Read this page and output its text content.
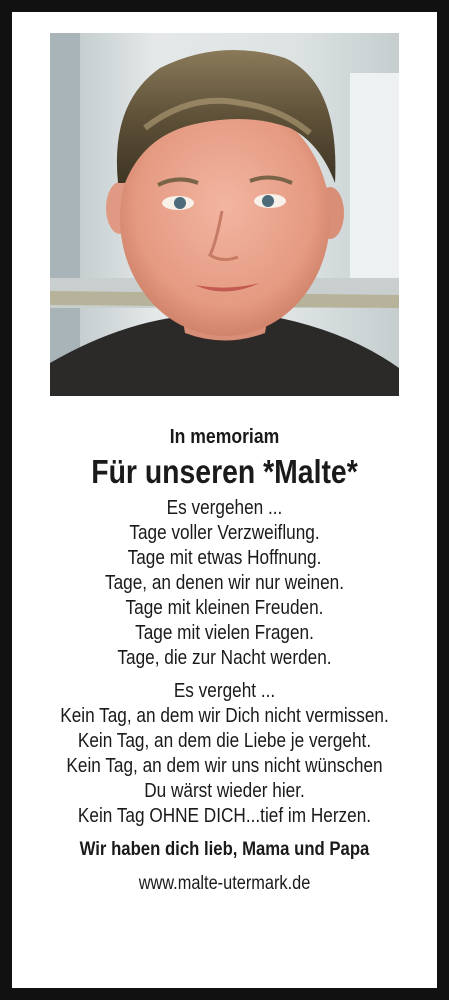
In memoriam
Für unseren *Malte*
Es vergehen ...
Tage voller Verzweiflung.
Tage mit etwas Hoffnung.
Tage, an denen wir nur weinen.
Tage mit kleinen Freuden.
Tage mit vielen Fragen.
Tage, die zur Nacht werden.
Es vergeht ...
Kein Tag, an dem wir Dich nicht vermissen.
Kein Tag, an dem die Liebe je vergeht.
Kein Tag, an dem wir uns nicht wünschen
Du wärst wieder hier.
Kein Tag OHNE DICH...tief im Herzen.
Wir haben dich lieb, Mama und Papa
www.malte-utermark.de
